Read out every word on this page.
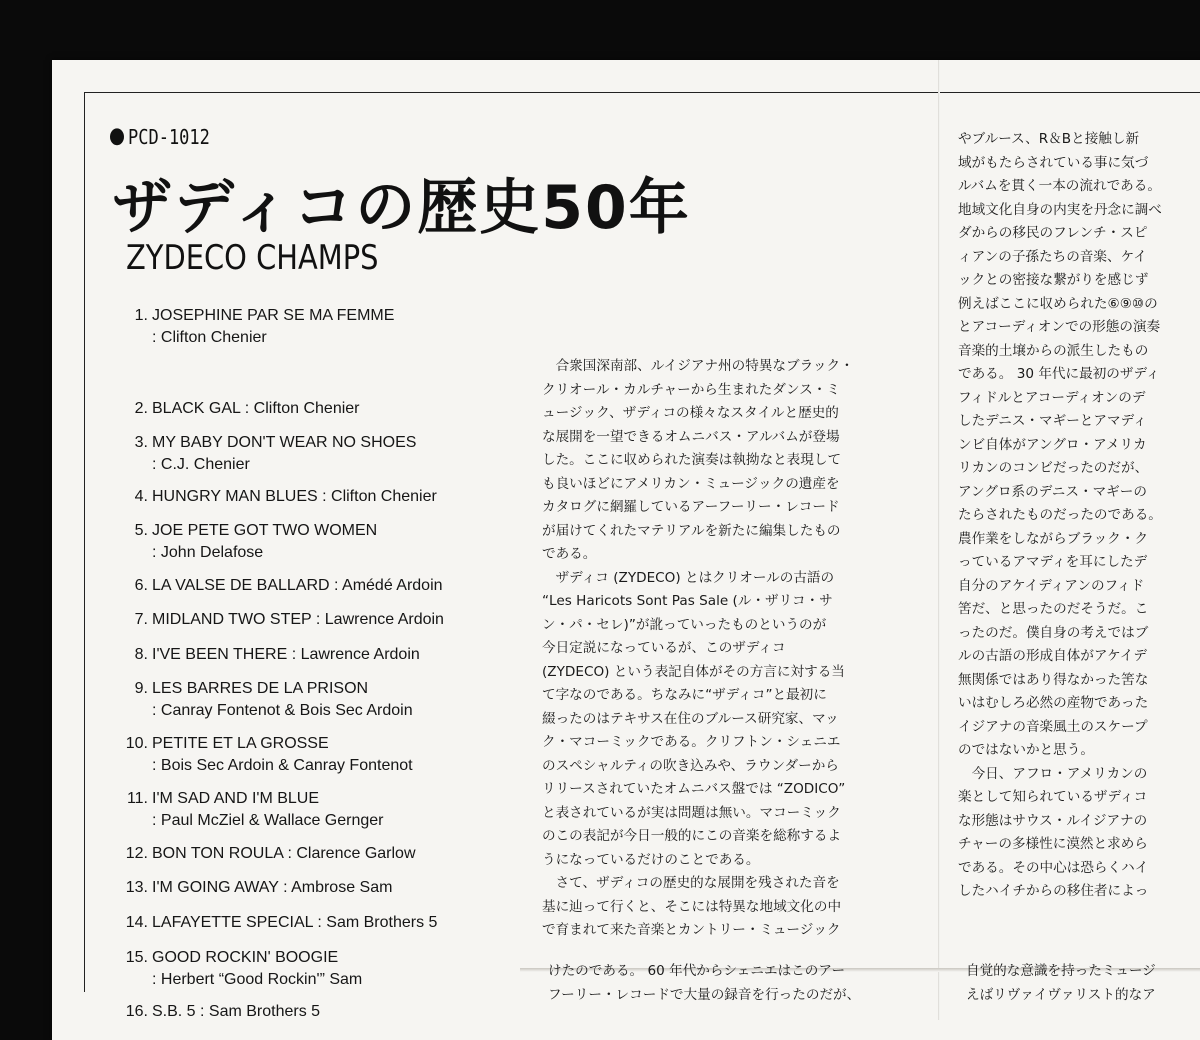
PCD-1012
ザディコの歴史50年
ZYDECO CHAMPS
1. JOSEPHINE PAR SE MA FEMME
: Clifton Chenier
2. BLACK GAL : Clifton Chenier
3. MY BABY DON'T WEAR NO SHOES
: C.J. Chenier
4. HUNGRY MAN BLUES : Clifton Chenier
5. JOE PETE GOT TWO WOMEN
: John Delafose
6. LA VALSE DE BALLARD : Amédé Ardoin
7. MIDLAND TWO STEP : Lawrence Ardoin
8. I'VE BEEN THERE : Lawrence Ardoin
9. LES BARRES DE LA PRISON
: Canray Fontenot & Bois Sec Ardoin
10. PETITE ET LA GROSSE
: Bois Sec Ardoin & Canray Fontenot
11. I'M SAD AND I'M BLUE
: Paul McZiel & Wallace Gernger
12. BON TON ROULA : Clarence Garlow
13. I'M GOING AWAY : Ambrose Sam
14. LAFAYETTE SPECIAL : Sam Brothers 5
15. GOOD ROCKIN' BOOGIE
: Herbert “Good Rockin'” Sam
16. S.B. 5 : Sam Brothers 5
　合衆国深南部、ルイジアナ州の特異なブラック・
クリオール・カルチャーから生まれたダンス・ミ
ュージック、ザディコの様々なスタイルと歴史的
な展開を一望できるオムニバス・アルバムが登場
した。ここに収められた演奏は執拗なと表現して
も良いほどにアメリカン・ミュージックの遺産を
カタログに網羅しているアーフーリー・レコード
が届けてくれたマテリアルを新たに編集したもの
である。
　ザディコ (ZYDECO) とはクリオールの古語の
“Les Haricots Sont Pas Sale (ル・ザリコ・サ
ン・パ・セレ)”が訛っていったものというのが
今日定説になっているが、このザディコ
(ZYDECO) という表記自体がその方言に対する当
て字なのである。ちなみに“ザディコ”と最初に
綴ったのはテキサス在住のブルース研究家、マッ
ク・マコーミックである。クリフトン・シェニエ
のスペシャルティの吹き込みや、ラウンダーから
リリースされていたオムニバス盤では “ZODICO”
と表されているが実は問題は無い。マコーミック
のこの表記が今日一般的にこの音楽を総称するよ
うになっているだけのことである。
　さて、ザディコの歴史的な展開を残された音を
基に辿って行くと、そこには特異な地域文化の中
で育まれて来た音楽とカントリー・ミュージック
けたのである。 60 年代からシェニエはこのアー
フーリー・レコードで大量の録音を行ったのだが、
やブルース、R＆Bと接触し新
域がもたらされている事に気づ
ルバムを貫く一本の流れである。
地域文化自身の内実を丹念に調べ
ダからの移民のフレンチ・スピ
ィアンの子孫たちの音楽、ケイ
ックとの密接な繋がりを感じず
例えばここに収められた⑥⑨⑩の
とアコーディオンでの形態の演奏
音楽的土壌からの派生したもの
である。 30 年代に最初のザディ
フィドルとアコーディオンのデ
したデニス・マギーとアマディ
ンビ自体がアングロ・アメリカ
リカンのコンビだったのだが、
アングロ系のデニス・マギーの
たらされたものだったのである。
農作業をしながらブラック・ク
っているアマディを耳にしたデ
自分のアケイディアンのフィド
筈だ、と思ったのだそうだ。こ
ったのだ。僕自身の考えではブ
ルの古語の形成自体がアケイデ
無関係ではあり得なかった筈な
いはむしろ必然の産物であった
イジアナの音楽風土のスケープ
のではないかと思う。
　今日、アフロ・アメリカンの
楽として知られているザディコ
な形態はサウス・ルイジアナの
チャーの多様性に漠然と求めら
である。その中心は恐らくハイ
したハイチからの移住者によっ
自覚的な意識を持ったミュージ
えばリヴァイヴァリスト的なア
